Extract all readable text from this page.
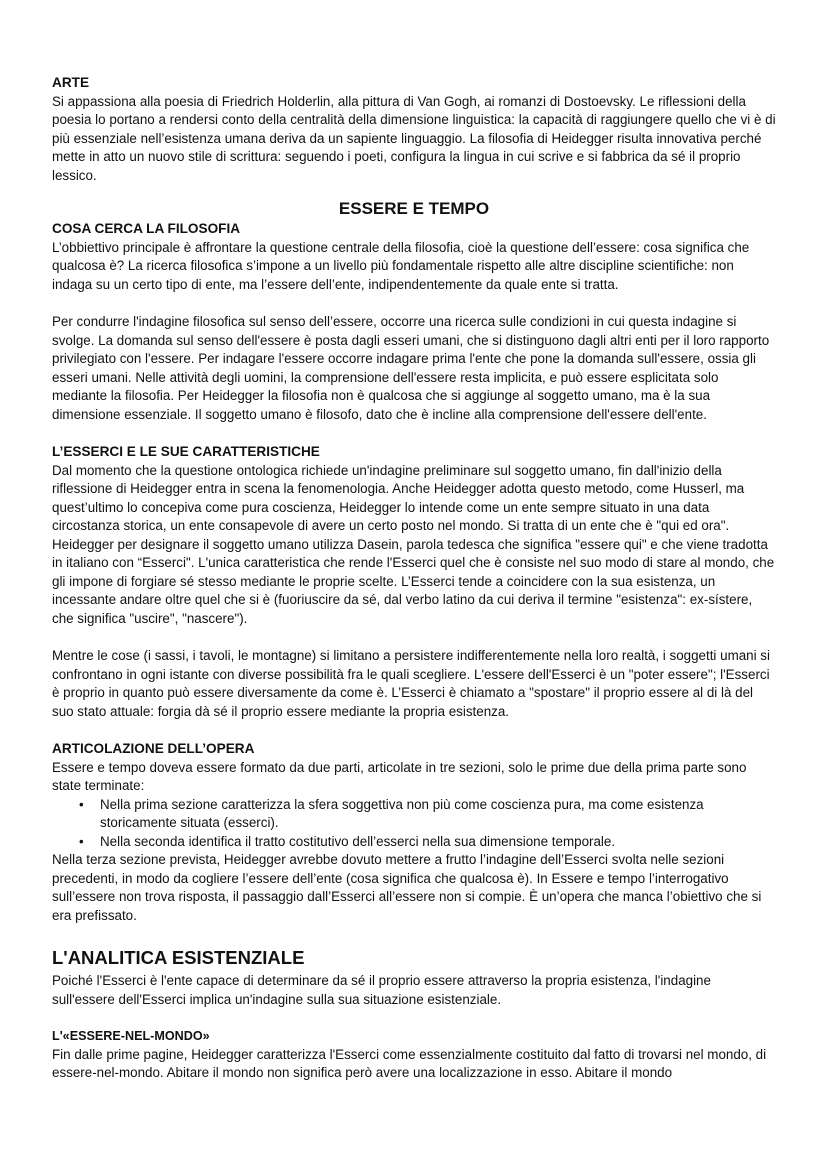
ARTE

Si appassiona alla poesia di Friedrich Holderlin, alla pittura di Van Gogh, ai romanzi di Dostoevsky. Le riflessioni della poesia lo portano a rendersi conto della centralità della dimensione linguistica: la capacità di raggiungere quello che vi è di più essenziale nell’esistenza umana deriva da un sapiente linguaggio. La filosofia di Heidegger risulta innovativa perché mette in atto un nuovo stile di scrittura: seguendo i poeti, configura la lingua in cui scrive e si fabbrica da sé il proprio lessico.

ESSERE E TEMPO
COSA CERCA LA FILOSOFIA

L’obbiettivo principale è affrontare la questione centrale della filosofia, cioè la questione dell’essere: cosa significa che qualcosa è? La ricerca filosofica s’impone a un livello più fondamentale rispetto alle altre discipline scientifiche: non indaga su un certo tipo di ente, ma l’essere dell’ente, indipendentemente da quale ente si tratta.

Per condurre l'indagine filosofica sul senso dell’essere, occorre una ricerca sulle condizioni in cui questa indagine si svolge. La domanda sul senso dell'essere è posta dagli esseri umani, che si distinguono dagli altri enti per il loro rapporto privilegiato con l'essere. Per indagare l'essere occorre indagare prima l'ente che pone la domanda sull'essere, ossia gli esseri umani. Nelle attività degli uomini, la comprensione dell'essere resta implicita, e può essere esplicitata solo mediante la filosofia. Per Heidegger la filosofia non è qualcosa che si aggiunge al soggetto umano, ma è la sua dimensione essenziale. Il soggetto umano è filosofo, dato che è incline alla comprensione dell'essere dell'ente.

L’ESSERCI E LE SUE CARATTERISTICHE

Dal momento che la questione ontologica richiede un'indagine preliminare sul soggetto umano, fin dall'inizio della riflessione di Heidegger entra in scena la fenomenologia. Anche Heidegger adotta questo metodo, come Husserl, ma quest’ultimo lo concepiva come pura coscienza, Heidegger lo intende come un ente sempre situato in una data circostanza storica, un ente consapevole di avere un certo posto nel mondo. Si tratta di un ente che è "qui ed ora". Heidegger per designare il soggetto umano utilizza Dasein, parola tedesca che significa "essere qui" e che viene tradotta in italiano con “Esserci". L'unica caratteristica che rende l'Esserci quel che è consiste nel suo modo di stare al mondo, che gli impone di forgiare sé stesso mediante le proprie scelte. L’Esserci tende a coincidere con la sua esistenza, un incessante andare oltre quel che si è (fuoriuscire da sé, dal verbo latino da cui deriva il termine "esistenza": ex-sístere, che significa "uscire", "nascere").

Mentre le cose (i sassi, i tavoli, le montagne) si limitano a persistere indifferentemente nella loro realtà, i soggetti umani si confrontano in ogni istante con diverse possibilità fra le quali scegliere. L'essere dell'Esserci è un "poter essere"; l'Esserci è proprio in quanto può essere diversamente da come è. L’Esserci è chiamato a "spostare" il proprio essere al di là del suo stato attuale: forgia dà sé il proprio essere mediante la propria esistenza.

ARTICOLAZIONE DELL’OPERA

Essere e tempo doveva essere formato da due parti, articolate in tre sezioni, solo le prime due della prima parte sono state terminate:

• Nella prima sezione caratterizza la sfera soggettiva non più come coscienza pura, ma come esistenza storicamente situata (esserci).
• Nella seconda identifica il tratto costitutivo dell’esserci nella sua dimensione temporale.

Nella terza sezione prevista, Heidegger avrebbe dovuto mettere a frutto l’indagine dell’Esserci svolta nelle sezioni precedenti, in modo da cogliere l’essere dell’ente (cosa significa che qualcosa è). In Essere e tempo l’interrogativo sull’essere non trova risposta, il passaggio dall’Esserci all’essere non si compie. È un’opera che manca l’obiettivo che si era prefissato.

L'ANALITICA ESISTENZIALE

Poiché l'Esserci è l'ente capace di determinare da sé il proprio essere attraverso la propria esistenza, l'indagine sull'essere dell'Esserci implica un'indagine sulla sua situazione esistenziale.

L'«ESSERE-NEL-MONDO»

Fin dalle prime pagine, Heidegger caratterizza l'Esserci come essenzialmente costituito dal fatto di trovarsi nel mondo, di essere-nel-mondo. Abitare il mondo non significa però avere una localizzazione in esso. Abitare il mondo
